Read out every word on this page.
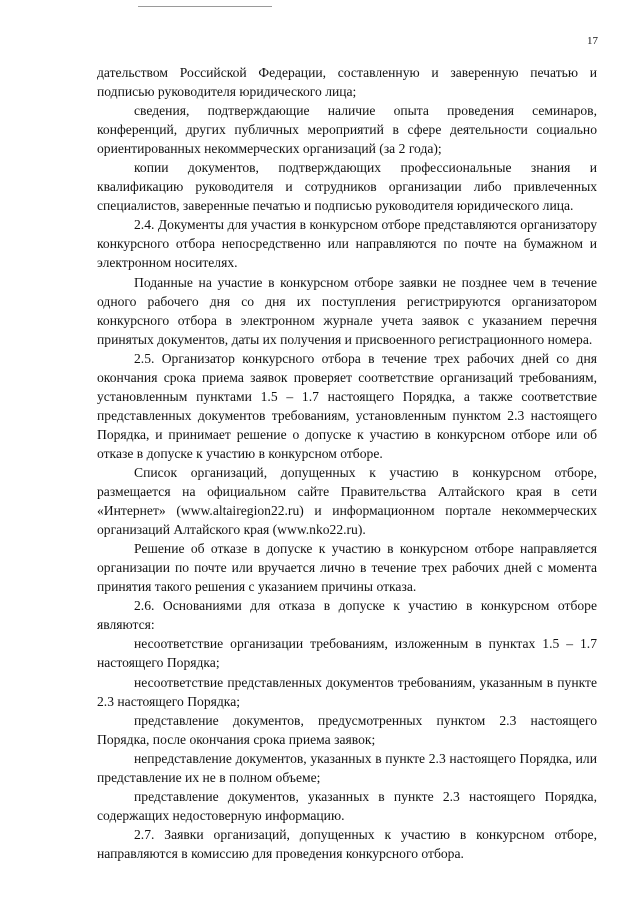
17

дательством Российской Федерации, составленную и заверенную печатью и подписью руководителя юридического лица;

сведения, подтверждающие наличие опыта проведения семинаров, конференций, других публичных мероприятий в сфере деятельности социально ориентированных некоммерческих организаций (за 2 года);

копии документов, подтверждающих профессиональные знания и квалификацию руководителя и сотрудников организации либо привлеченных специалистов, заверенные печатью и подписью руководителя юридического лица.

2.4. Документы для участия в конкурсном отборе представляются организатору конкурсного отбора непосредственно или направляются по почте на бумажном и электронном носителях.

Поданные на участие в конкурсном отборе заявки не позднее чем в течение одного рабочего дня со дня их поступления регистрируются организатором конкурсного отбора в электронном журнале учета заявок с указанием перечня принятых документов, даты их получения и присвоенного регистрационного номера.

2.5. Организатор конкурсного отбора в течение трех рабочих дней со дня окончания срока приема заявок проверяет соответствие организаций требованиям, установленным пунктами 1.5 – 1.7 настоящего Порядка, а также соответствие представленных документов требованиям, установленным пунктом 2.3 настоящего Порядка, и принимает решение о допуске к участию в конкурсном отборе или об отказе в допуске к участию в конкурсном отборе.

Список организаций, допущенных к участию в конкурсном отборе, размещается на официальном сайте Правительства Алтайского края в сети «Интернет» (www.altairegion22.ru) и информационном портале некоммерческих организаций Алтайского края (www.nko22.ru).

Решение об отказе в допуске к участию в конкурсном отборе направляется организации по почте или вручается лично в течение трех рабочих дней с момента принятия такого решения с указанием причины отказа.

2.6. Основаниями для отказа в допуске к участию в конкурсном отборе являются:

несоответствие организации требованиям, изложенным в пунктах 1.5 – 1.7 настоящего Порядка;

несоответствие представленных документов требованиям, указанным в пункте 2.3 настоящего Порядка;

представление документов, предусмотренных пунктом 2.3 настоящего Порядка, после окончания срока приема заявок;

непредставление документов, указанных в пункте 2.3 настоящего Порядка, или представление их не в полном объеме;

представление документов, указанных в пункте 2.3 настоящего Порядка, содержащих недостоверную информацию.

2.7. Заявки организаций, допущенных к участию в конкурсном отборе, направляются в комиссию для проведения конкурсного отбора.
